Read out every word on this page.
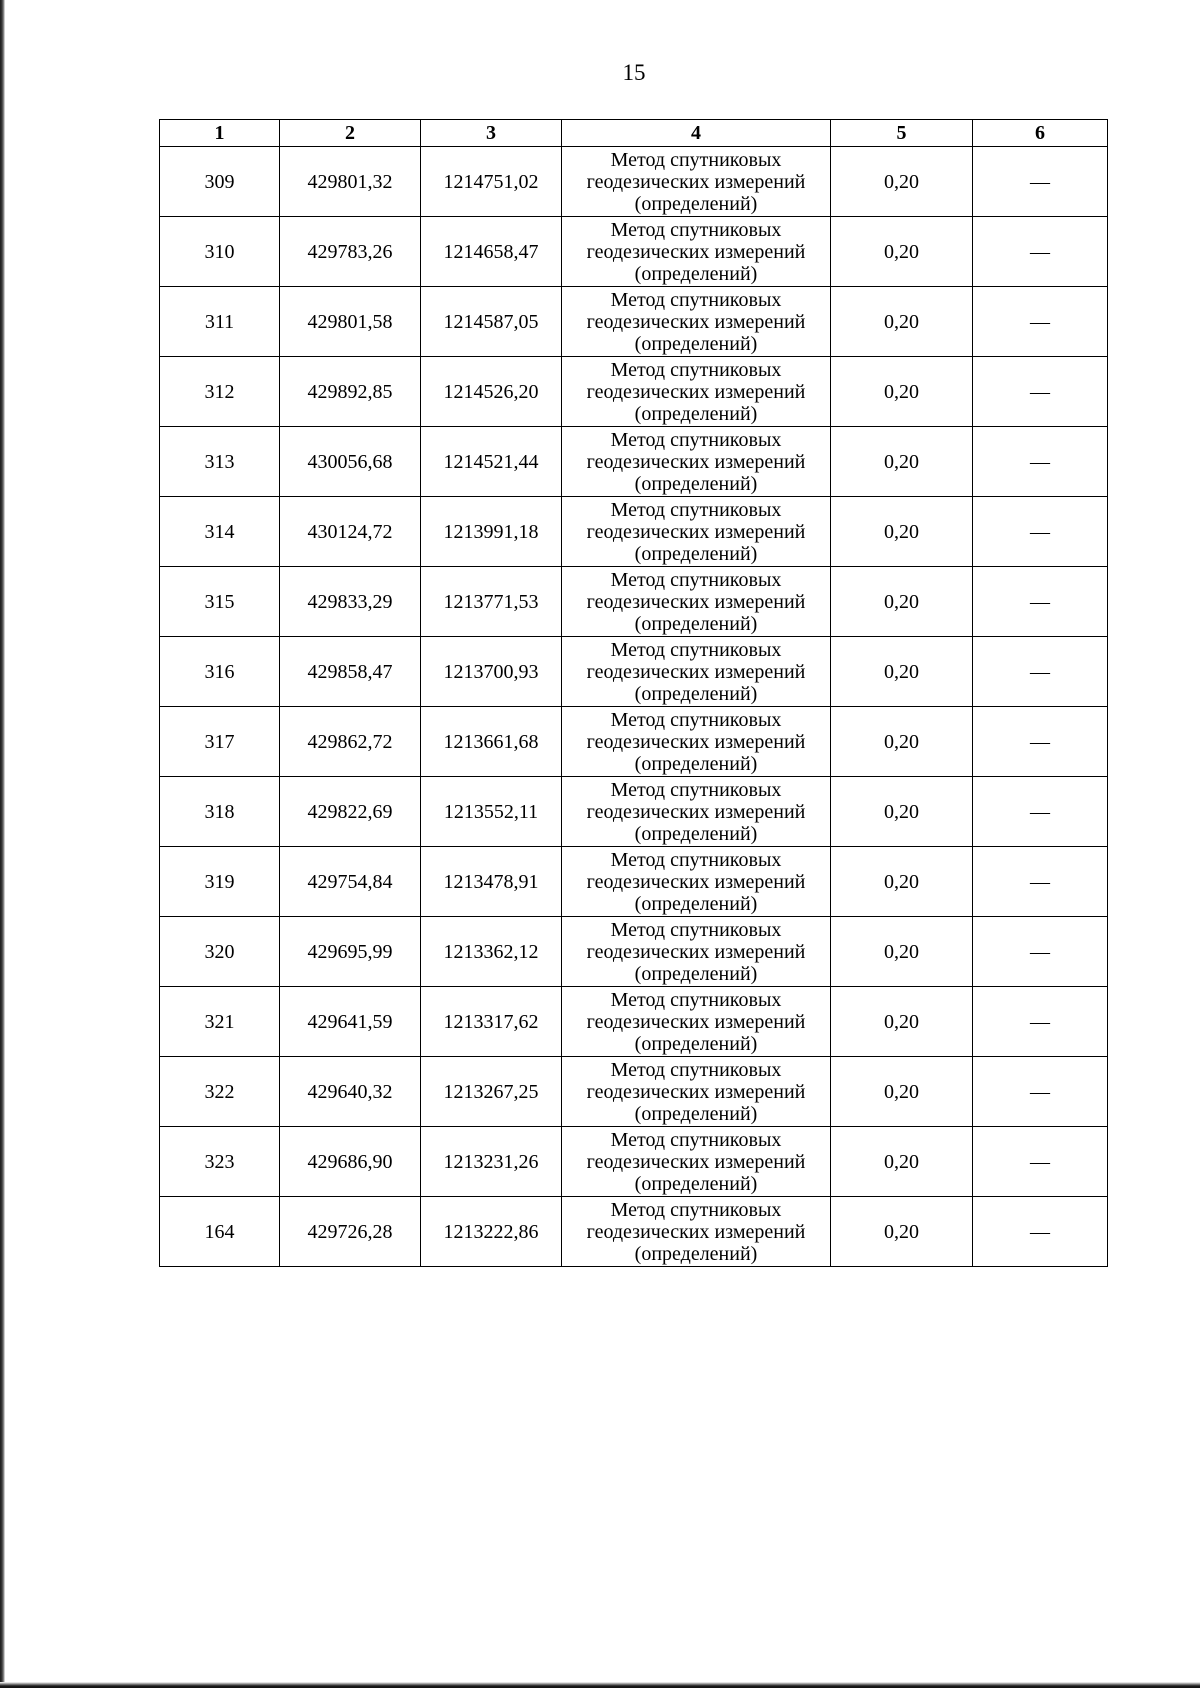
15
1	2	3	4	5	6
309	429801,32	1214751,02	Метод спутниковых
геодезических измерений
(определений)	0,20	—
310	429783,26	1214658,47	Метод спутниковых
геодезических измерений
(определений)	0,20	—
311	429801,58	1214587,05	Метод спутниковых
геодезических измерений
(определений)	0,20	—
312	429892,85	1214526,20	Метод спутниковых
геодезических измерений
(определений)	0,20	—
313	430056,68	1214521,44	Метод спутниковых
геодезических измерений
(определений)	0,20	—
314	430124,72	1213991,18	Метод спутниковых
геодезических измерений
(определений)	0,20	—
315	429833,29	1213771,53	Метод спутниковых
геодезических измерений
(определений)	0,20	—
316	429858,47	1213700,93	Метод спутниковых
геодезических измерений
(определений)	0,20	—
317	429862,72	1213661,68	Метод спутниковых
геодезических измерений
(определений)	0,20	—
318	429822,69	1213552,11	Метод спутниковых
геодезических измерений
(определений)	0,20	—
319	429754,84	1213478,91	Метод спутниковых
геодезических измерений
(определений)	0,20	—
320	429695,99	1213362,12	Метод спутниковых
геодезических измерений
(определений)	0,20	—
321	429641,59	1213317,62	Метод спутниковых
геодезических измерений
(определений)	0,20	—
322	429640,32	1213267,25	Метод спутниковых
геодезических измерений
(определений)	0,20	—
323	429686,90	1213231,26	Метод спутниковых
геодезических измерений
(определений)	0,20	—
164	429726,28	1213222,86	Метод спутниковых
геодезических измерений
(определений)	0,20	—
